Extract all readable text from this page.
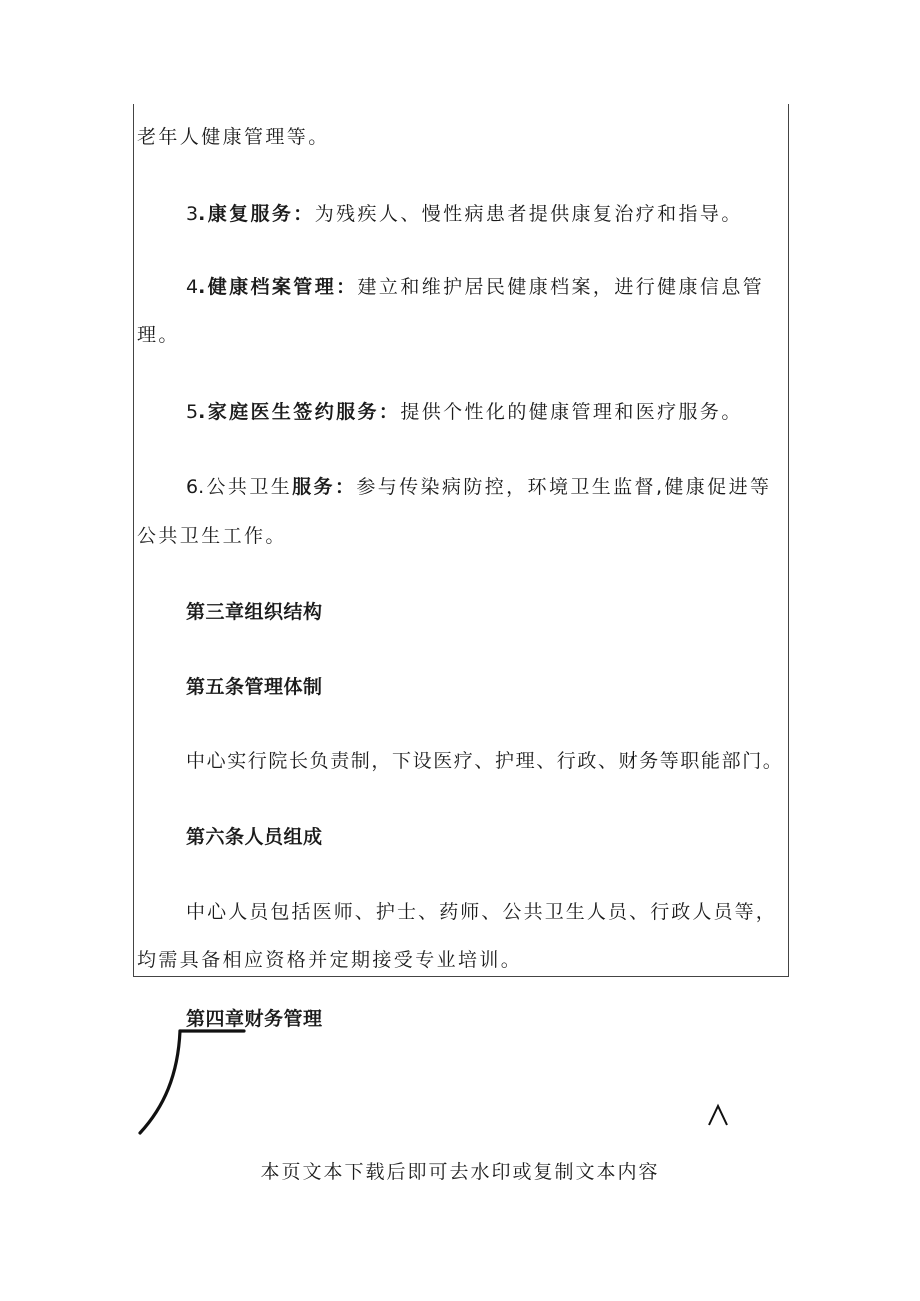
老年人健康管理等。
3.康复服务：为残疾人、慢性病患者提供康复治疗和指导。
4.健康档案管理：建立和维护居民健康档案，进行健康信息管
理。
5.家庭医生签约服务：提供个性化的健康管理和医疗服务。
6.公共卫生服务：参与传染病防控，环境卫生监督,健康促进等
公共卫生工作。
第三章组织结构
第五条管理体制
中心实行院长负责制，下设医疗、护理、行政、财务等职能部门。
第六条人员组成
中心人员包括医师、护士、药师、公共卫生人员、行政人员等，
均需具备相应资格并定期接受专业培训。
第四章财务管理
本页文本下载后即可去水印或复制文本内容
